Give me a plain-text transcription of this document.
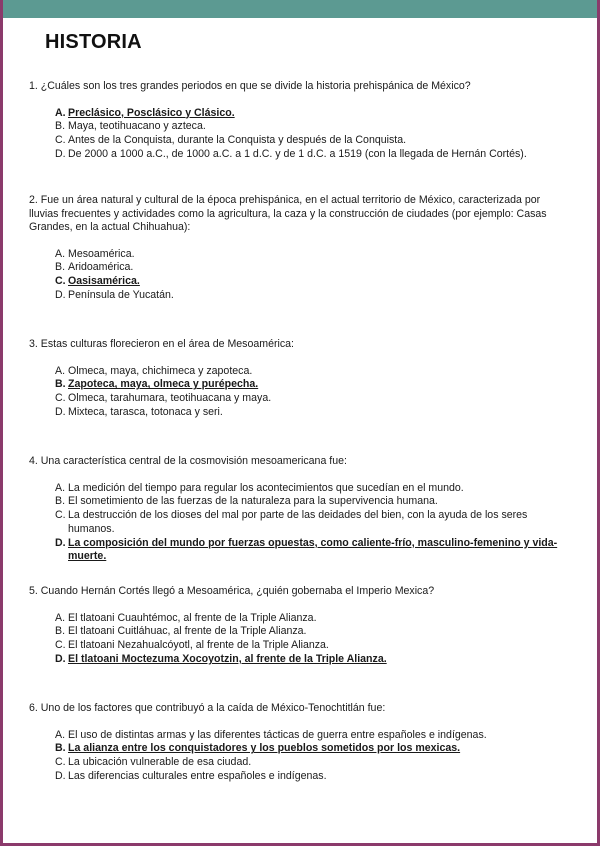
HISTORIA

1. ¿Cuáles son los tres grandes periodos en que se divide la historia prehispánica de México?

A. Preclásico, Posclásico y Clásico.
B. Maya, teotihuacano y azteca.
C. Antes de la Conquista, durante la Conquista y después de la Conquista.
D. De 2000 a 1000 a.C., de 1000 a.C. a 1 d.C. y de 1 d.C. a 1519 (con la llegada de Hernán Cortés).

2. Fue un área natural y cultural de la época prehispánica, en el actual territorio de México, caracterizada por lluvias frecuentes y actividades como la agricultura, la caza y la construcción de ciudades (por ejemplo: Casas Grandes, en la actual Chihuahua):

A. Mesoamérica.
B. Aridoamérica.
C. Oasisamérica.
D. Península de Yucatán.

3. Estas culturas florecieron en el área de Mesoamérica:

A. Olmeca, maya, chichimeca y zapoteca.
B. Zapoteca, maya, olmeca y purépecha.
C. Olmeca, tarahumara, teotihuacana y maya.
D. Mixteca, tarasca, totonaca y seri.

4. Una característica central de la cosmovisión mesoamericana fue:

A. La medición del tiempo para regular los acontecimientos que sucedían en el mundo.
B. El sometimiento de las fuerzas de la naturaleza para la supervivencia humana.
C. La destrucción de los dioses del mal por parte de las deidades del bien, con la ayuda de los seres humanos.
D. La composición del mundo por fuerzas opuestas, como caliente-frío, masculino-femenino y vida-muerte.

5. Cuando Hernán Cortés llegó a Mesoamérica, ¿quién gobernaba el Imperio Mexica?

A. El tlatoani Cuauhtémoc, al frente de la Triple Alianza.
B. El tlatoani Cuitláhuac, al frente de la Triple Alianza.
C. El tlatoani Nezahualcóyotl, al frente de la Triple Alianza.
D. El tlatoani Moctezuma Xocoyotzin, al frente de la Triple Alianza.

6. Uno de los factores que contribuyó a la caída de México-Tenochtitlán fue:

A. El uso de distintas armas y las diferentes tácticas de guerra entre españoles e indígenas.
B. La alianza entre los conquistadores y los pueblos sometidos por los mexicas.
C. La ubicación vulnerable de esa ciudad.
D. Las diferencias culturales entre españoles e indígenas.
